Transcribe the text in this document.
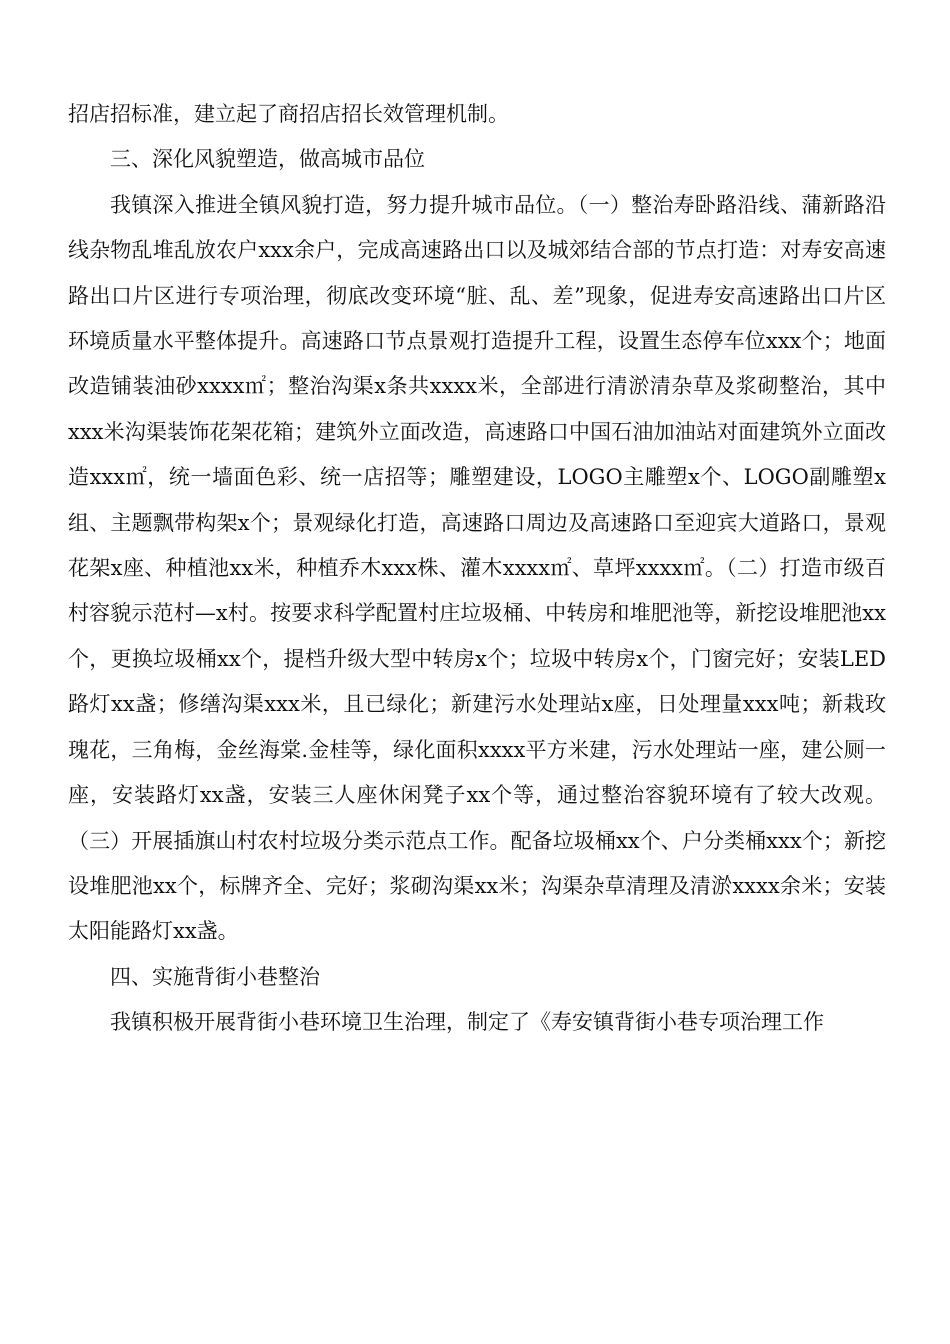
招店招标准，建立起了商招店招长效管理机制。

三、深化风貌塑造，做高城市品位

我镇深入推进全镇风貌打造，努力提升城市品位。（一）整治寿卧路沿线、蒲新路沿线杂物乱堆乱放农户xxx余户，完成高速路出口以及城郊结合部的节点打造：对寿安高速路出口片区进行专项治理，彻底改变环境“脏、乱、差”现象，促进寿安高速路出口片区环境质量水平整体提升。高速路口节点景观打造提升工程，设置生态停车位xxx个；地面改造铺装油砂xxxx㎡；整治沟渠x条共xxxx米，全部进行清淤清杂草及浆砌整治，其中xxx米沟渠装饰花架花箱；建筑外立面改造，高速路口中国石油加油站对面建筑外立面改造xxx㎡，统一墙面色彩、统一店招等；雕塑建设，LOGO主雕塑x个、LOGO副雕塑x组、主题飘带构架x个；景观绿化打造，高速路口周边及高速路口至迎宾大道路口，景观花架x座、种植池xx米，种植乔木xxx株、灌木xxxx㎡、草坪xxxx㎡。（二）打造市级百村容貌示范村—x村。按要求科学配置村庄垃圾桶、中转房和堆肥池等，新挖设堆肥池xx个，更换垃圾桶xx个，提档升级大型中转房x个；垃圾中转房x个，门窗完好；安装LED路灯xx盏；修缮沟渠xxx米，且已绿化；新建污水处理站x座，日处理量xxx吨；新栽玫瑰花，三角梅，金丝海棠.金桂等，绿化面积xxxx平方米建，污水处理站一座，建公厕一座，安装路灯xx盏，安装三人座休闲凳子xx个等，通过整治容貌环境有了较大改观。（三）开展插旗山村农村垃圾分类示范点工作。配备垃圾桶xx个、户分类桶xxx个；新挖设堆肥池xx个，标牌齐全、完好；浆砌沟渠xx米；沟渠杂草清理及清淤xxxx余米；安装太阳能路灯xx盏。

四、实施背街小巷整治

我镇积极开展背街小巷环境卫生治理，制定了《寿安镇背街小巷专项治理工作
